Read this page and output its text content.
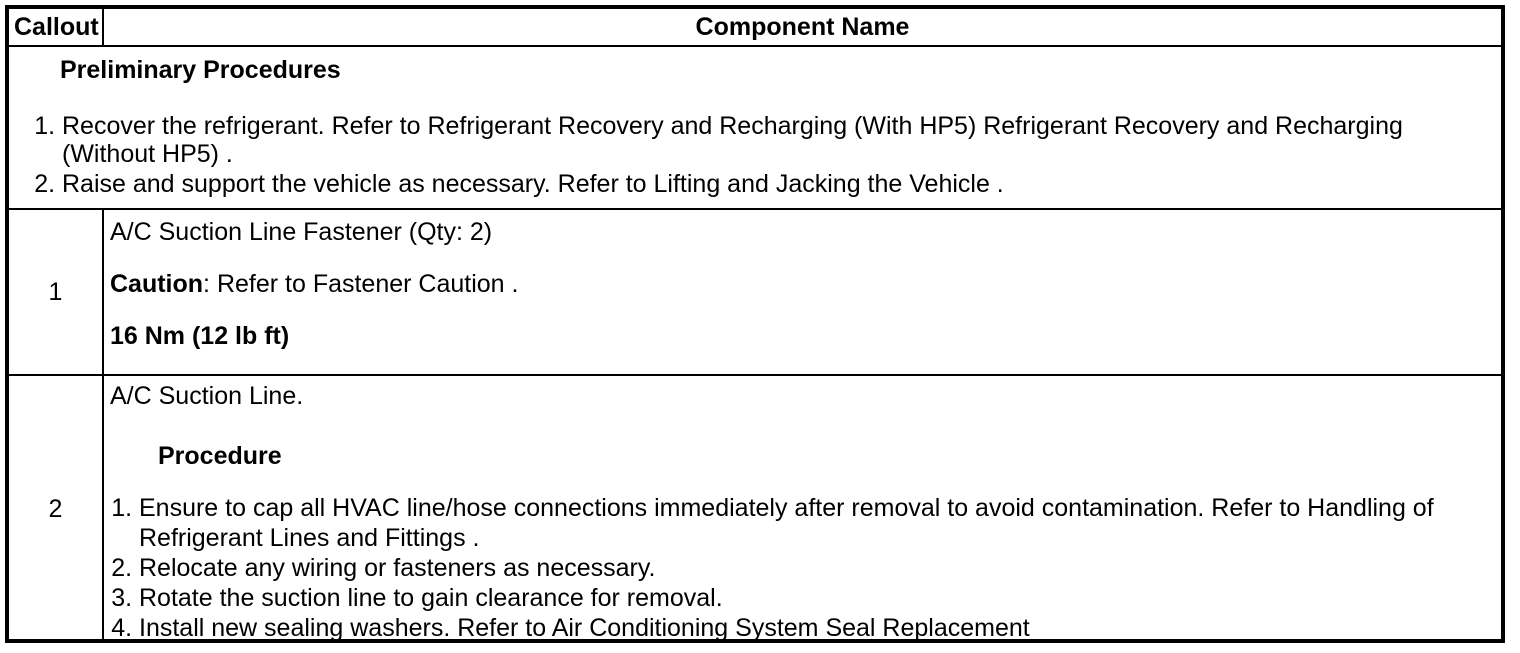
Callout	Component Name
Preliminary Procedures
1. Recover the refrigerant. Refer to Refrigerant Recovery and Recharging (With HP5) Refrigerant Recovery and Recharging (Without HP5) .
2. Raise and support the vehicle as necessary. Refer to Lifting and Jacking the Vehicle .
1

A/C Suction Line Fastener (Qty: 2)

Caution: Refer to Fastener Caution .

16 Nm (12 lb ft)

2

A/C Suction Line.

Procedure
1. Ensure to cap all HVAC line/hose connections immediately after removal to avoid contamination. Refer to Handling of Refrigerant Lines and Fittings .
2. Relocate any wiring or fasteners as necessary.
3. Rotate the suction line to gain clearance for removal.
4. Install new sealing washers. Refer to Air Conditioning System Seal Replacement
